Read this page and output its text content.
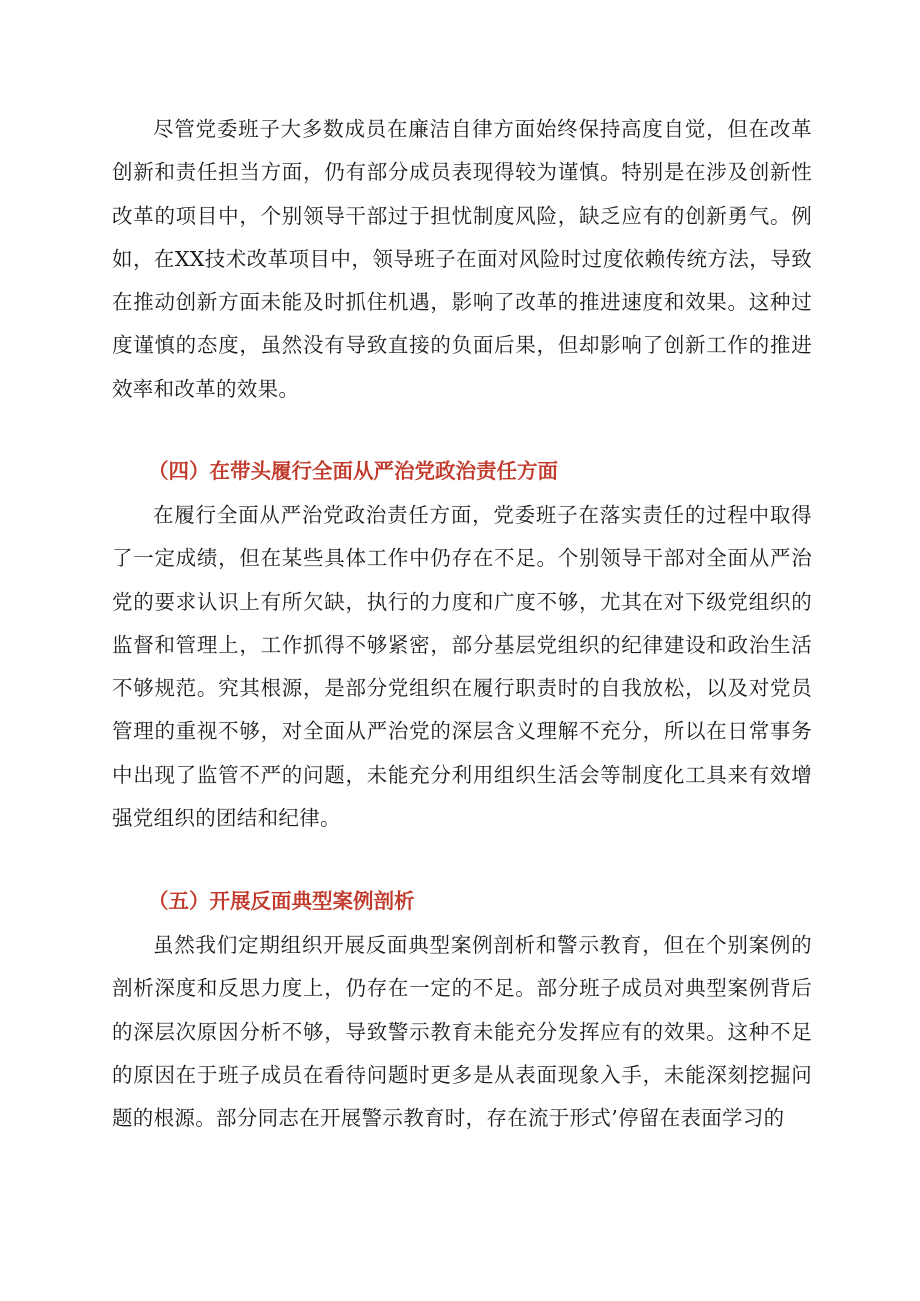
尽管党委班子大多数成员在廉洁自律方面始终保持高度自觉，但在改革创新和责任担当方面，仍有部分成员表现得较为谨慎。特别是在涉及创新性改革的项目中，个别领导干部过于担忧制度风险，缺乏应有的创新勇气。例如，在XX技术改革项目中，领导班子在面对风险时过度依赖传统方法，导致在推动创新方面未能及时抓住机遇，影响了改革的推进速度和效果。这种过度谨慎的态度，虽然没有导致直接的负面后果，但却影响了创新工作的推进效率和改革的效果。

（四）在带头履行全面从严治党政治责任方面

在履行全面从严治党政治责任方面，党委班子在落实责任的过程中取得了一定成绩，但在某些具体工作中仍存在不足。个别领导干部对全面从严治党的要求认识上有所欠缺，执行的力度和广度不够，尤其在对下级党组织的监督和管理上，工作抓得不够紧密，部分基层党组织的纪律建设和政治生活不够规范。究其根源，是部分党组织在履行职责时的自我放松，以及对党员管理的重视不够，对全面从严治党的深层含义理解不充分，所以在日常事务中出现了监管不严的问题，未能充分利用组织生活会等制度化工具来有效增强党组织的团结和纪律。

（五）开展反面典型案例剖析

虽然我们定期组织开展反面典型案例剖析和警示教育，但在个别案例的剖析深度和反思力度上，仍存在一定的不足。部分班子成员对典型案例背后的深层次原因分析不够，导致警示教育未能充分发挥应有的效果。这种不足的原因在于班子成员在看待问题时更多是从表面现象入手，未能深刻挖掘问题的根源。部分同志在开展警示教育时，存在流于形式’停留在表面学习的
